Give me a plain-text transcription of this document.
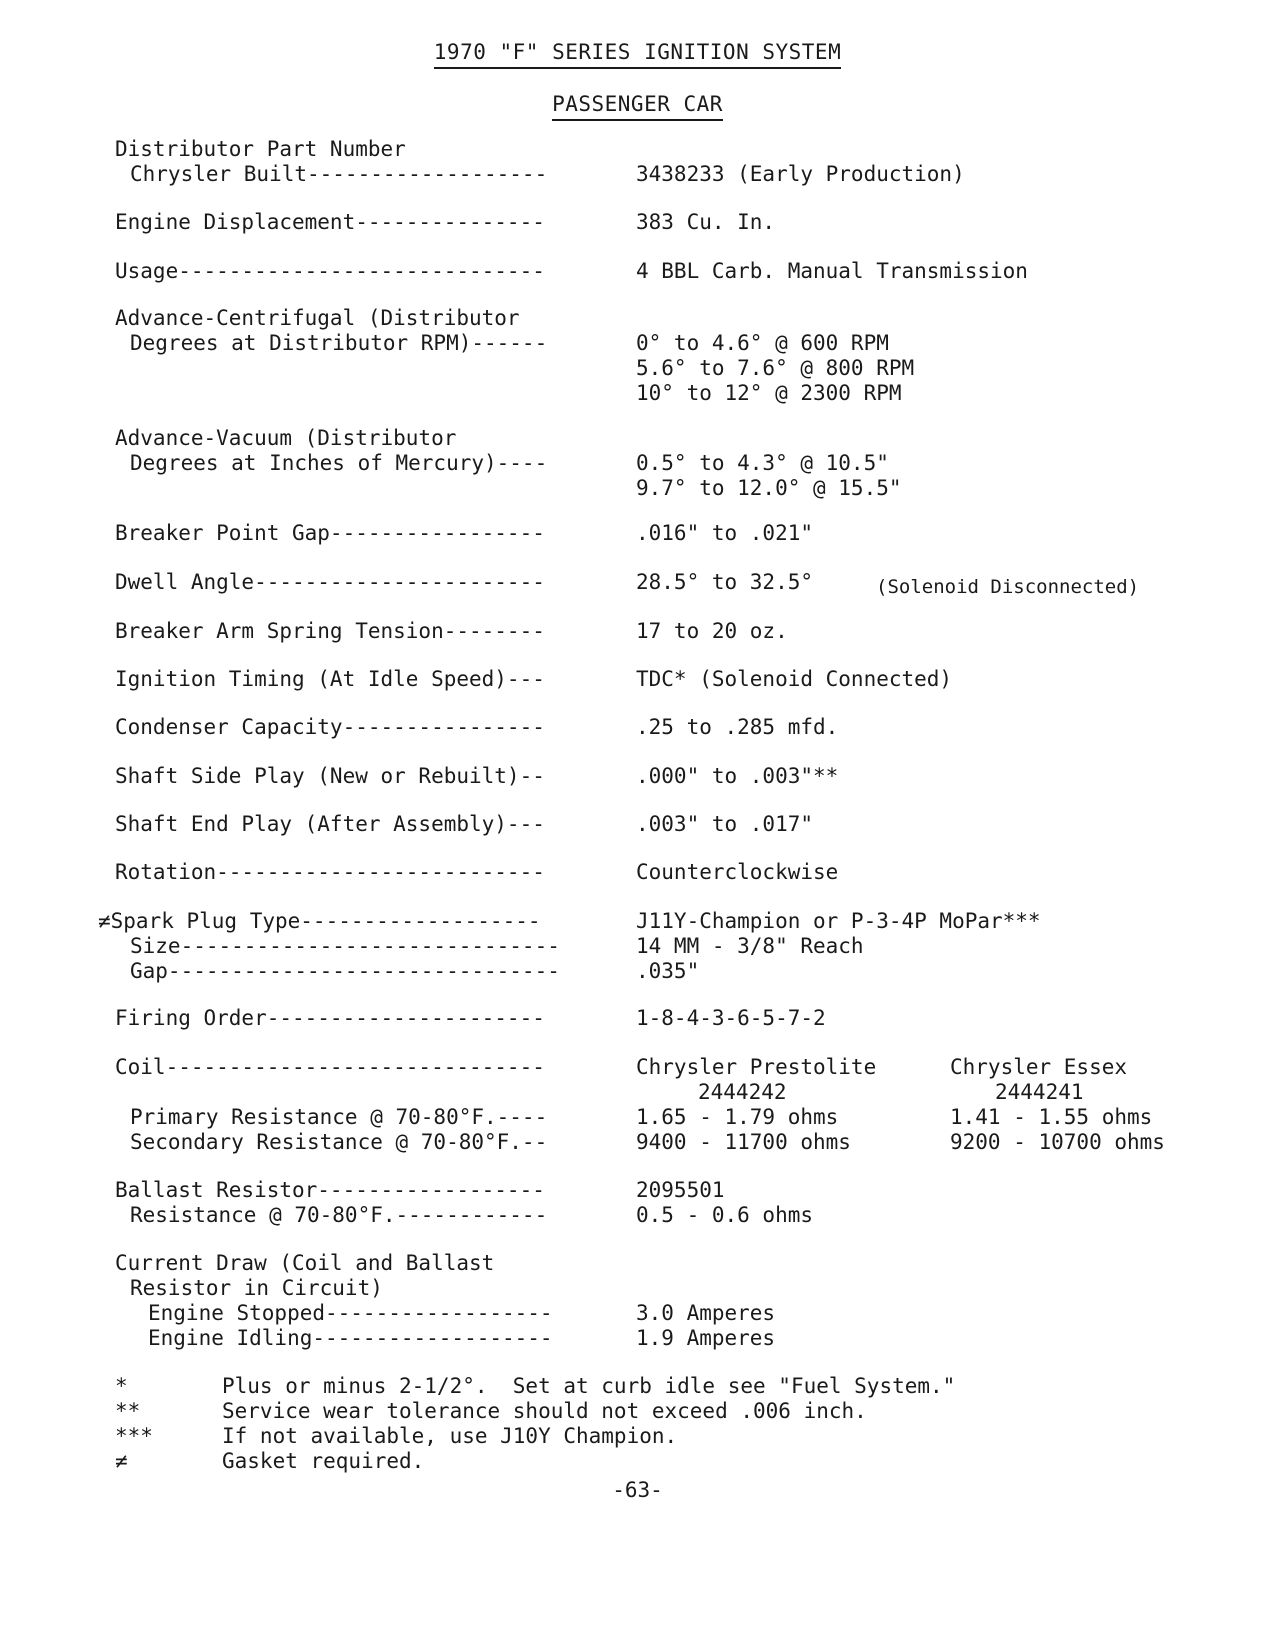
1970 "F" SERIES IGNITION SYSTEM
PASSENGER CAR
Distributor Part Number
Chrysler Built-------------------	3438233 (Early Production)
Engine Displacement---------------	383 Cu. In.
Usage-----------------------------	4 BBL Carb. Manual Transmission
Advance-Centrifugal (Distributor
Degrees at Distributor RPM)------	0° to 4.6° @ 600 RPM
5.6° to 7.6° @ 800 RPM
10° to 12° @ 2300 RPM
Advance-Vacuum (Distributor
Degrees at Inches of Mercury)----	0.5° to 4.3° @ 10.5"
9.7° to 12.0° @ 15.5"
Breaker Point Gap-----------------	.016" to .021"
Dwell Angle-----------------------	28.5° to 32.5°	(Solenoid Disconnected)
Breaker Arm Spring Tension--------	17 to 20 oz.
Ignition Timing (At Idle Speed)---	TDC* (Solenoid Connected)
Condenser Capacity----------------	.25 to .285 mfd.
Shaft Side Play (New or Rebuilt)--	.000" to .003"**
Shaft End Play (After Assembly)---	.003" to .017"
Rotation--------------------------	Counterclockwise
≠Spark Plug Type-------------------	J11Y-Champion or P-3-4P MoPar***
Size------------------------------	14 MM - 3/8" Reach
Gap-------------------------------	.035"
Firing Order----------------------	1-8-4-3-6-5-7-2
Coil------------------------------	Chrysler Prestolite	Chrysler Essex
2444242	2444241
Primary Resistance @ 70-80°F.----	1.65 - 1.79 ohms	1.41 - 1.55 ohms
Secondary Resistance @ 70-80°F.--	9400 - 11700 ohms	9200 - 10700 ohms
Ballast Resistor------------------	2095501
Resistance @ 70-80°F.------------	0.5 - 0.6 ohms
Current Draw (Coil and Ballast
Resistor in Circuit)
Engine Stopped------------------	3.0 Amperes
Engine Idling-------------------	1.9 Amperes
*	Plus or minus 2-1/2°.  Set at curb idle see "Fuel System."
**	Service wear tolerance should not exceed .006 inch.
***	If not available, use J10Y Champion.
≠	Gasket required.
-63-
